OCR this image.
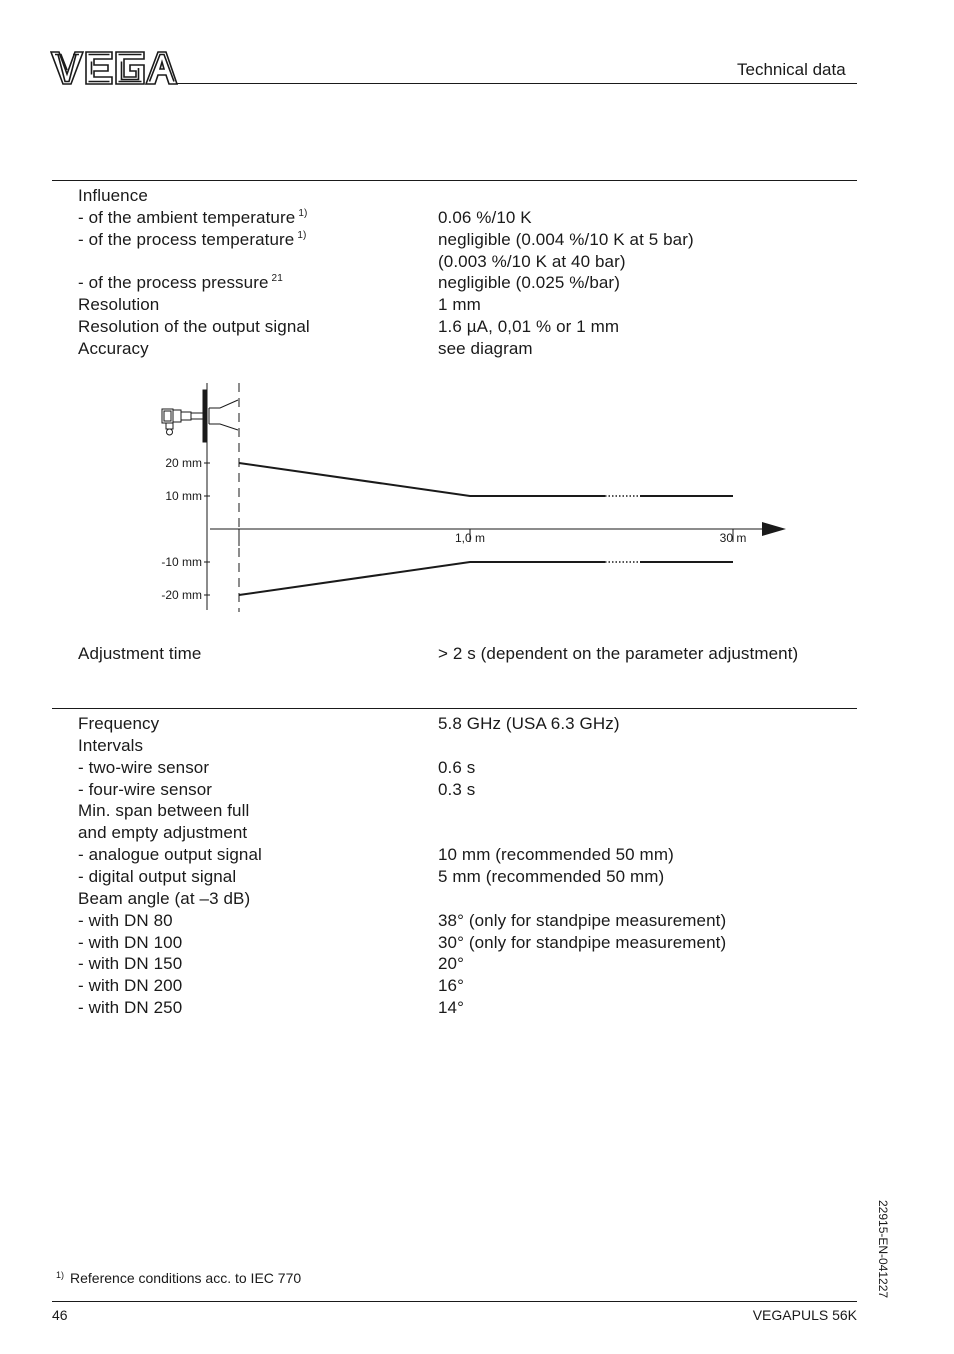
Technical data
Influence
- of the ambient temperature $^{1)}$	0.06 %/10 K
- of the process temperature $^{1)}$	negligible (0.004 %/10 K at 5 bar)
(0.003 %/10 K at 40 bar)
- of the process pressure $^{21}$	negligible (0.025 %/bar)
Resolution	1 mm
Resolution of the output signal	1.6 µA, 0,01 % or 1 mm
Accuracy	see diagram
20 mm
10 mm
-10 mm
-20 mm
1,0 m	30 m
Adjustment time	> 2 s (dependent on the parameter adjustment)
Frequency	5.8 GHz (USA 6.3 GHz)
Intervals
- two-wire sensor	0.6 s
- four-wire sensor	0.3 s
Min. span between full
and empty adjustment
- analogue output signal	10 mm (recommended 50 mm)
- digital output signal	5 mm (recommended 50 mm)
Beam angle (at –3 dB)
- with DN 80	38° (only for standpipe measurement)
- with DN 100	30° (only for standpipe measurement)
- with DN 150	20°
- with DN 200	16°
- with DN 250	14°
$^{1)}$ Reference conditions acc. to IEC 770	22915-EN-041227
46	VEGAPULS 56K
